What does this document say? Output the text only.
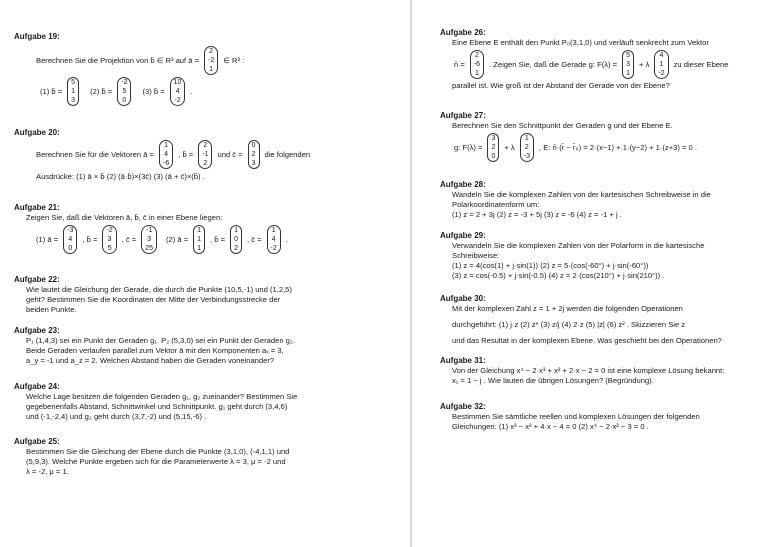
Aufgabe 19:
Berechnen Sie die Projektion von b̄ ∈ R³ auf ā =
2
-2
1
∈ R³ :
(1) b̄ =
5
1
3
(2) b̄ =
-2
5
0
(3) b̄ =
10
4
-2
.
Aufgabe 20:
Berechnen Sie für die Vektoren ā =
1
4
-6
, b̄ =
2
-1
2
und c̄ =
0
2
3
die folgenden
Ausdrücke: (1) ā × b̄ (2) (ā·b̄)×(3c̄) (3) (ā + c̄)×(b̄) .
Aufgabe 21:
Zeigen Sie, daß die Vektoren ā, b̄, c̄ in einer Ebene liegen:
(1) ā =
-3
4
0
, b̄ =
-2
3
5
, c̄ =
-1
3
25
(2) ā =
1
1
1
, b̄ =
1
0
2
, c̄ =
1
4
-2
.
Aufgabe 22:
Wie lautet die Gleichung der Gerade, die durch die Punkte (10,5,-1) und (1,2,5)
geht? Bestimmen Sie die Koordinaten der Mitte der Verbindungsstrecke der
beiden Punkte.
Aufgabe 23:
P₁ (1,4,3) sei ein Punkt der Geraden g₁. P₂ (5,3,0) sei ein Punkt der Geraden g₂.
Beide Geraden verlaufen parallel zum Vektor ā mit den Komponenten aₓ = 3,
a_y = -1 und a_z = 2. Welchen Abstand haben die Geraden voneinander?
Aufgabe 24:
Welche Lage besitzen die folgenden Geraden g₁, g₂ zueinander? Bestimmen Sie
gegebenenfalls Abstand, Schnittwinkel und Schnittpunkt. g₁ geht durch (3,4,6)
und (-1,-2,4) und g₂ geht durch (3,7,-2) und (5,15,-6) .
Aufgabe 25:
Bestimmen Sie die Gleichung der Ebene durch die Punkte (3,1,0), (-4,1,1) und
(5,9,3). Welche Punkte ergeben sich für die Parameterwerte λ = 3, μ = -2 und
λ = -2, μ = 1.
Aufgabe 26:
Eine Ebene E enthält den Punkt P₀(3,1,0) und verläuft senkrecht zum Vektor
n̄ =
2
-6
1
. Zeigen Sie, daß die Gerade g: F(λ) =
5
3
1
+ λ
4
1
-2
zu dieser Ebene
parallel ist. Wie groß ist der Abstand der Gerade von der Ebene?
Aufgabe 27:
Berechnen Sie den Schnittpunkt der Geraden g und der Ebene E.
g: F(λ) =
3
2
0
+ λ
1
2
-3
, E: n̄·(r̄ − r̄₀) = 2·(x−1) + 1·(y−2) + 1·(z+3) = 0 .
Aufgabe 28:
Wandeln Sie die komplexen Zahlen von der kartesischen Schreibweise in die
Polarkoordinatenform um:
(1) z = 2 + 3j (2) z = -3 + 5j (3) z = -6 (4) z = -1 + j .
Aufgabe 29:
Verwandeln Sie die komplexen Zahlen von der Polarform in die kartesische
Schreibweise:
(1) z = 4(cos(1) + j·sin(1)) (2) z = 5·(cos(-60°) + j·sin(-60°))
(3) z = cos(-0.5) + j·sin(-0.5) (4) z = 2·(cos(210°) + j·sin(210°)) .
Aufgabe 30:
Mit der komplexen Zahl z = 1 + 2j werden die folgenden Operationen
durchgeführt: (1) j·z (2) z* (3) z/j (4) 2·z (5) |z| (6) z² . Skizzieren Sie z
und das Resultat in der komplexen Ebene. Was geschieht bei den Operationen?
Aufgabe 31:
Von der Gleichung x⁴ − 2·x³ + x² + 2·x − 2 = 0 ist eine komplexe Lösung bekannt:
x₁ = 1 − j . Wie lauten die übrigen Lösungen? (Begründung).
Aufgabe 32:
Bestimmen Sie sämtliche reellen und komplexen Lösungen der folgenden
Gleichungen: (1) x³ − x² + 4·x − 4 = 0 (2) x⁴ − 2·x² − 3 = 0 .
